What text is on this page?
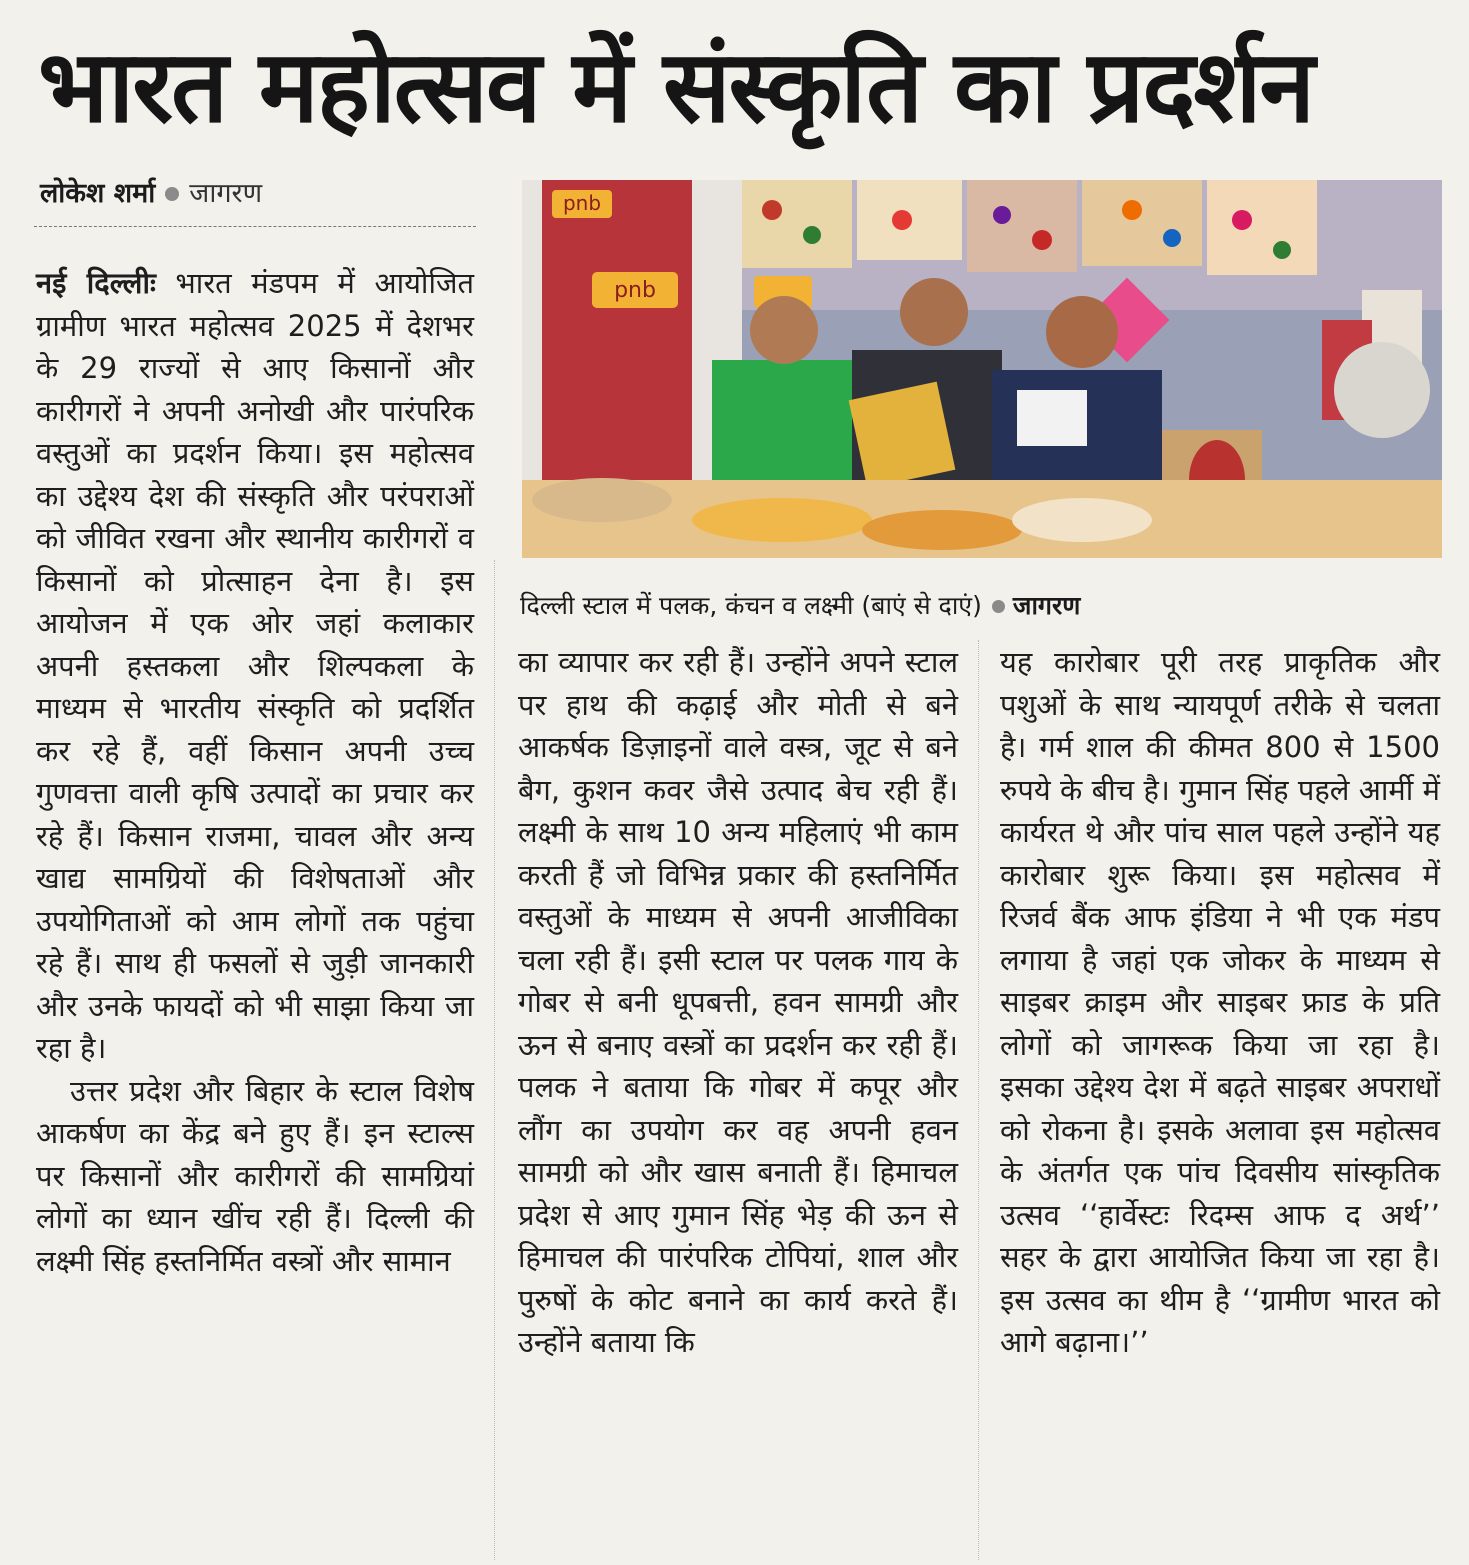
भारत महोत्सव में संस्कृति का प्रदर्शन
लोकेश शर्मा जागरण

नई दिल्लीः भारत मंडपम में आयोजित ग्रामीण भारत महोत्सव 2025 में देशभर के 29 राज्यों से आए किसानों और कारीगरों ने अपनी अनोखी और पारंपरिक वस्तुओं का प्रदर्शन किया। इस महोत्सव का उद्देश्य देश की संस्कृति और परंपराओं को जीवित रखना और स्थानीय कारीगरों व किसानों को प्रोत्साहन देना है। इस आयोजन में एक ओर जहां कलाकार अपनी हस्तकला और शिल्पकला के माध्यम से भारतीय संस्कृति को प्रदर्शित कर रहे हैं, वहीं किसान अपनी उच्च गुणवत्ता वाली कृषि उत्पादों का प्रचार कर रहे हैं। किसान राजमा, चावल और अन्य खाद्य सामग्रियों की विशेषताओं और उपयोगिताओं को आम लोगों तक पहुंचा रहे हैं। साथ ही फसलों से जुड़ी जानकारी और उनके फायदों को भी साझा किया जा रहा है।

उत्तर प्रदेश और बिहार के स्टाल विशेष आकर्षण का केंद्र बने हुए हैं। इन स्टाल्स पर किसानों और कारीगरों की सामग्रियां लोगों का ध्यान खींच रही हैं। दिल्ली की लक्ष्मी सिंह हस्तनिर्मित वस्त्रों और सामान

pnb
pnb
दिल्ली स्टाल में पलक, कंचन व लक्ष्मी (बाएं से दाएं) जागरण

का व्यापार कर रही हैं। उन्होंने अपने स्टाल पर हाथ की कढ़ाई और मोती से बने आकर्षक डिज़ाइनों वाले वस्त्र, जूट से बने बैग, कुशन कवर जैसे उत्पाद बेच रही हैं। लक्ष्मी के साथ 10 अन्य महिलाएं भी काम करती हैं जो विभिन्न प्रकार की हस्तनिर्मित वस्तुओं के माध्यम से अपनी आजीविका चला रही हैं। इसी स्टाल पर पलक गाय के गोबर से बनी धूपबत्ती, हवन सामग्री और ऊन से बनाए वस्त्रों का प्रदर्शन कर रही हैं। पलक ने बताया कि गोबर में कपूर और लौंग का उपयोग कर वह अपनी हवन सामग्री को और खास बनाती हैं। हिमाचल प्रदेश से आए गुमान सिंह भेड़ की ऊन से हिमाचल की पारंपरिक टोपियां, शाल और पुरुषों के कोट बनाने का कार्य करते हैं। उन्होंने बताया कि

यह कारोबार पूरी तरह प्राकृतिक और पशुओं के साथ न्यायपूर्ण तरीके से चलता है। गर्म शाल की कीमत 800 से 1500 रुपये के बीच है। गुमान सिंह पहले आर्मी में कार्यरत थे और पांच साल पहले उन्होंने यह कारोबार शुरू किया। इस महोत्सव में रिजर्व बैंक आफ इंडिया ने भी एक मंडप लगाया है जहां एक जोकर के माध्यम से साइबर क्राइम और साइबर फ्राड के प्रति लोगों को जागरूक किया जा रहा है। इसका उद्देश्य देश में बढ़ते साइबर अपराधों को रोकना है। इसके अलावा इस महोत्सव के अंतर्गत एक पांच दिवसीय सांस्कृतिक उत्सव ‘‘हार्वेस्टः रिदम्स आफ द अर्थ’’ सहर के द्वारा आयोजित किया जा रहा है। इस उत्सव का थीम है ‘‘ग्रामीण भारत को आगे बढ़ाना।’’
